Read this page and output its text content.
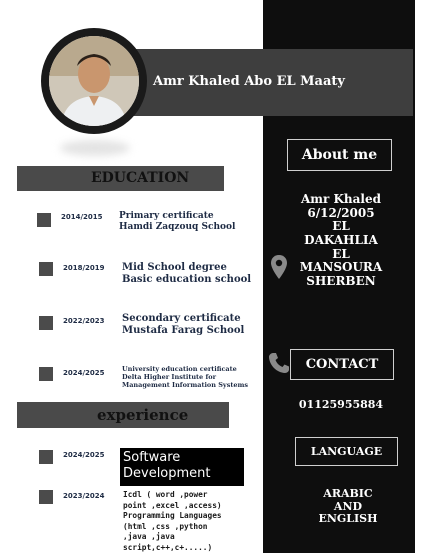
Amr Khaled Abo EL Maaty
EDUCATION
2014/2015 Primary certificate
Hamdi Zaqzouq School
2018/2019 Mid School degree
Basic education school
2022/2023 Secondary certificate
Mustafa Farag School
2024/2025	University education certificate
Delta Higher Institute for
Management Information Systems
experience
2024/2025 Software
Development
2023/2024 Icdl ( word ,power
point ,excel ,access)
Programming Languages
(html ,css ,python
,java ,java
script,c++,c+.....)
About me
Amr Khaled
6/12/2005
EL
DAKAHLIA
EL
MANSOURA
SHERBEN
CONTACT
01125955884
LANGUAGE
ARABIC
AND
ENGLISH
